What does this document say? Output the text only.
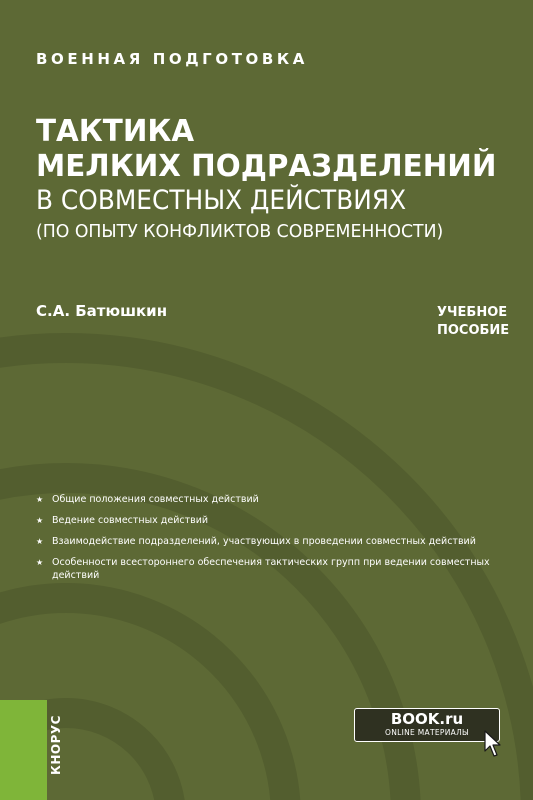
ВОЕННАЯ ПОДГОТОВКА
ТАКТИКА
МЕЛКИХ ПОДРАЗДЕЛЕНИЙ
В СОВМЕСТНЫХ ДЕЙСТВИЯХ
(ПО ОПЫТУ КОНФЛИКТОВ СОВРЕМЕННОСТИ)
С.А. Батюшкин	УЧЕБНОЕ
ПОСОБИЕ
★ Общие положения совместных действий
★ Ведение совместных действий
★ Взаимодействие подразделений, участвующих в проведении совместных действий
★ Особенности всестороннего обеспечения тактических групп при ведении совместных действий
КНОРУС	BOOK.ru
ONLINE МАТЕРИАЛЫ
